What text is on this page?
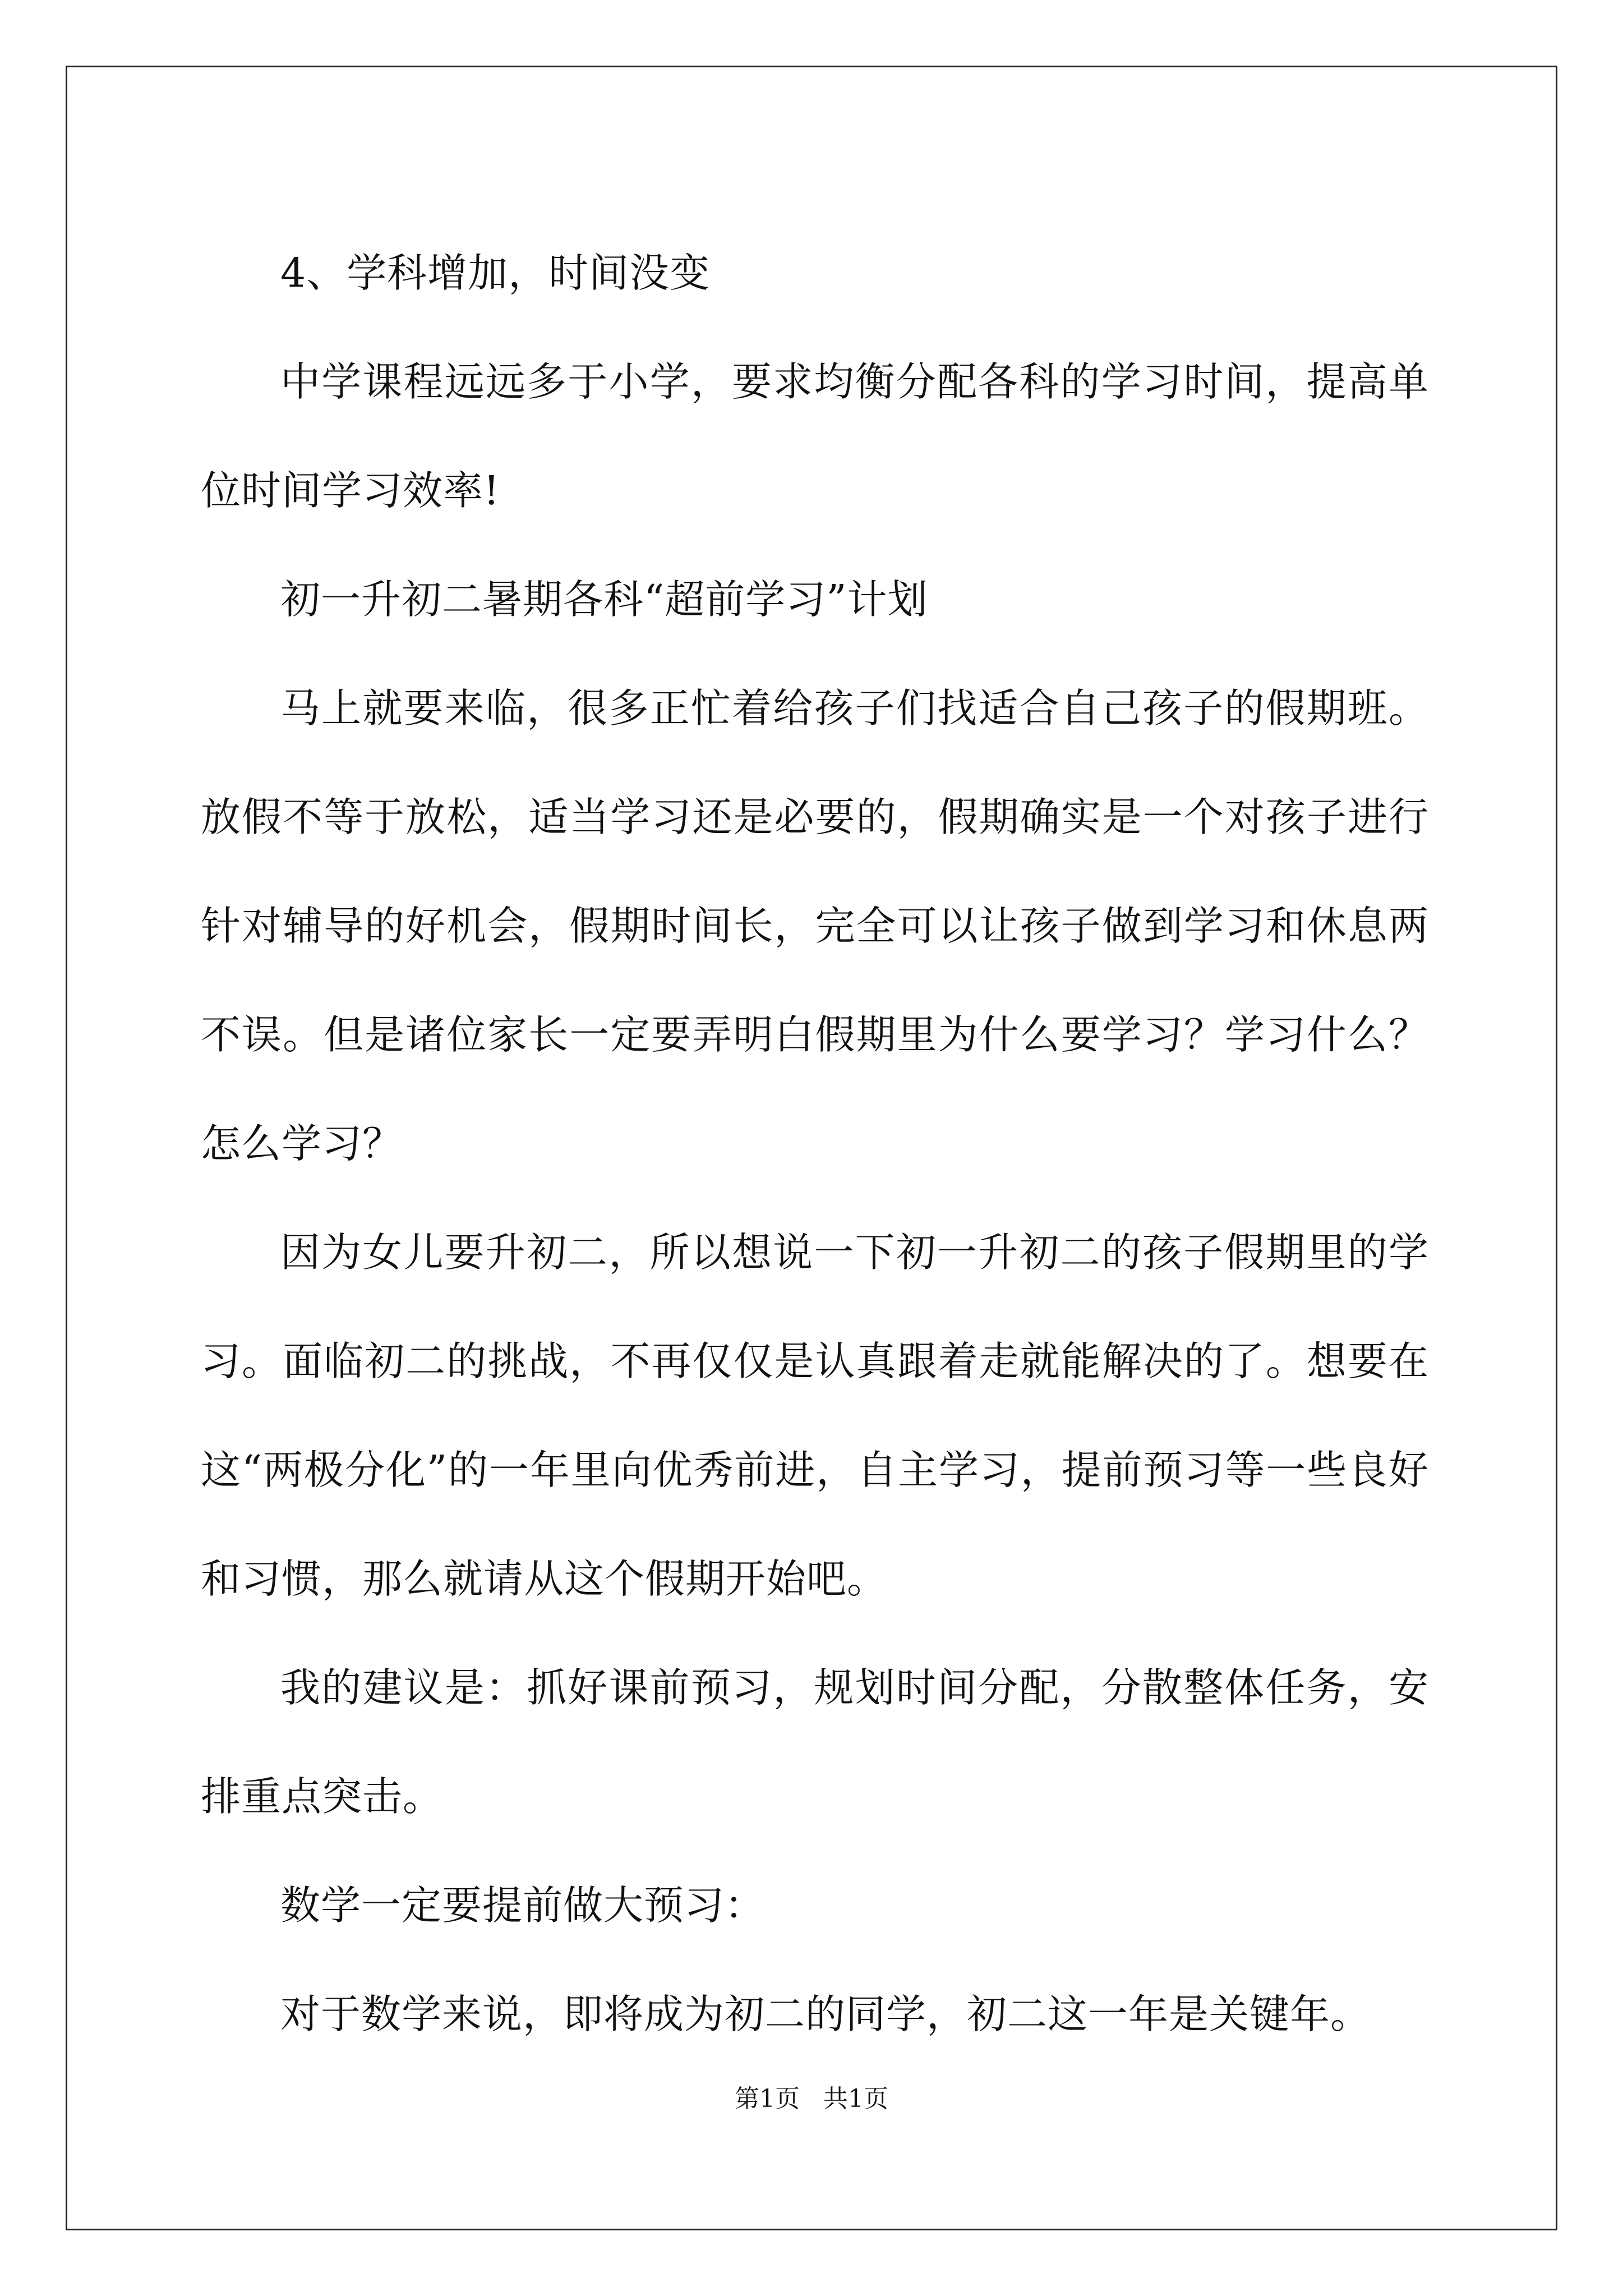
4、学科增加，时间没变

中学课程远远多于小学，要求均衡分配各科的学习时间，提高单位时间学习效率!

初一升初二暑期各科“超前学习”计划

马上就要来临，很多正忙着给孩子们找适合自己孩子的假期班。放假不等于放松，适当学习还是必要的，假期确实是一个对孩子进行针对辅导的好机会，假期时间长，完全可以让孩子做到学习和休息两不误。但是诸位家长一定要弄明白假期里为什么要学习？学习什么？怎么学习？

因为女儿要升初二，所以想说一下初一升初二的孩子假期里的学习。面临初二的挑战，不再仅仅是认真跟着走就能解决的了。想要在这“两极分化”的一年里向优秀前进，自主学习，提前预习等一些良好和习惯，那么就请从这个假期开始吧。

我的建议是：抓好课前预习，规划时间分配，分散整体任务，安排重点突击。

数学一定要提前做大预习：

对于数学来说，即将成为初二的同学，初二这一年是关键年。

第1页 共1页
